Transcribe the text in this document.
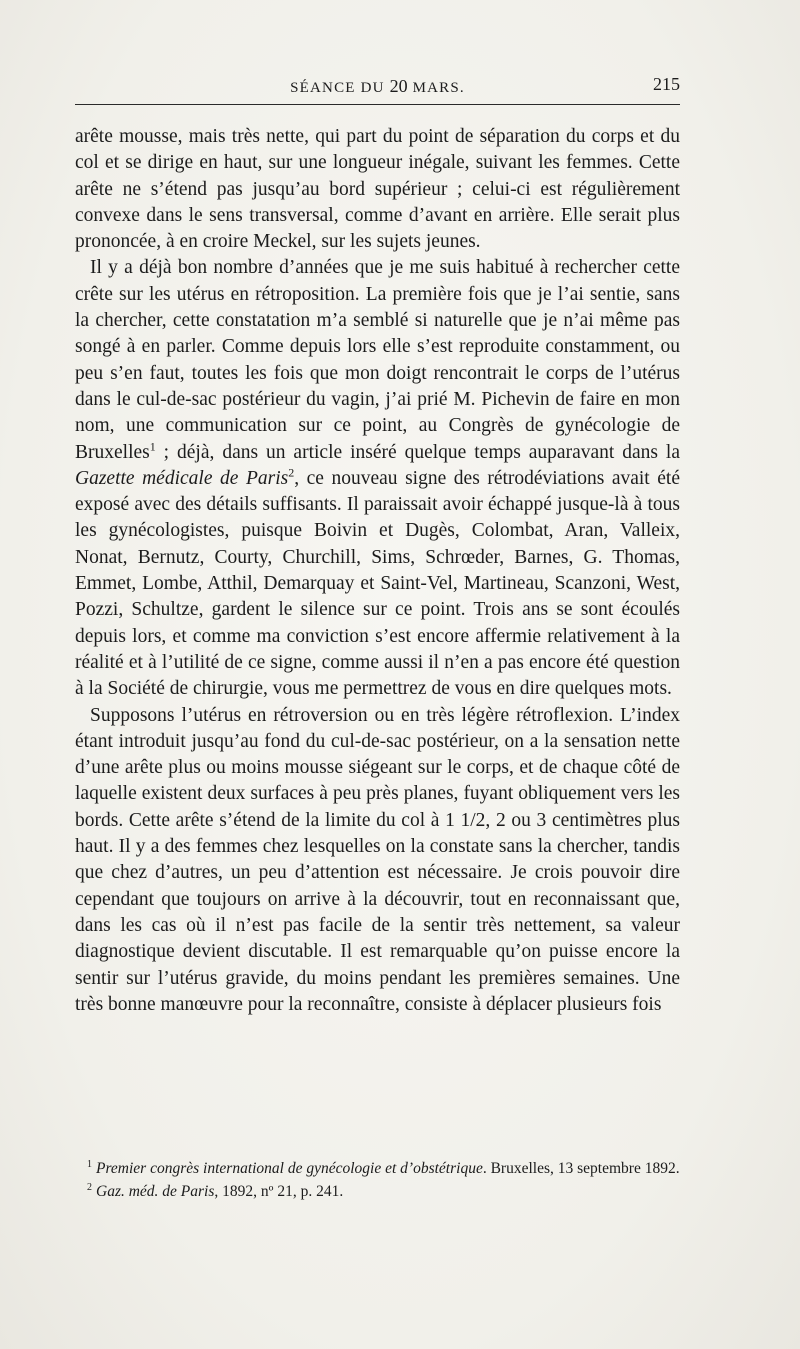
SÉANCE DU 20 MARS.	215

arête mousse, mais très nette, qui part du point de séparation du corps et du col et se dirige en haut, sur une longueur inégale, suivant les femmes. Cette arête ne s’étend pas jusqu’au bord supérieur ; celui-ci est régulièrement convexe dans le sens transversal, comme d’avant en arrière. Elle serait plus prononcée, à en croire Meckel, sur les sujets jeunes.

Il y a déjà bon nombre d’années que je me suis habitué à rechercher cette crête sur les utérus en rétroposition. La première fois que je l’ai sentie, sans la chercher, cette constatation m’a semblé si naturelle que je n’ai même pas songé à en parler. Comme depuis lors elle s’est reproduite constamment, ou peu s’en faut, toutes les fois que mon doigt rencontrait le corps de l’utérus dans le cul-de-sac postérieur du vagin, j’ai prié M. Pichevin de faire en mon nom, une communication sur ce point, au Congrès de gynécologie de Bruxelles$^1$ ; déjà, dans un article inséré quelque temps auparavant dans la Gazette médicale de Paris$^2$, ce nouveau signe des rétrodéviations avait été exposé avec des détails suffisants. Il paraissait avoir échappé jusque-là à tous les gynécologistes, puisque Boivin et Dugès, Colombat, Aran, Valleix, Nonat, Bernutz, Courty, Churchill, Sims, Schrœder, Barnes, G. Thomas, Emmet, Lombe, Atthil, Demarquay et Saint-Vel, Martineau, Scanzoni, West, Pozzi, Schultze, gardent le silence sur ce point. Trois ans se sont écoulés depuis lors, et comme ma conviction s’est encore affermie relativement à la réalité et à l’utilité de ce signe, comme aussi il n’en a pas encore été question à la Société de chirurgie, vous me permettrez de vous en dire quelques mots.

Supposons l’utérus en rétroversion ou en très légère rétroflexion. L’index étant introduit jusqu’au fond du cul-de-sac postérieur, on a la sensation nette d’une arête plus ou moins mousse siégeant sur le corps, et de chaque côté de laquelle existent deux surfaces à peu près planes, fuyant obliquement vers les bords. Cette arête s’étend de la limite du col à 1 1/2, 2 ou 3 centimètres plus haut. Il y a des femmes chez lesquelles on la constate sans la chercher, tandis que chez d’autres, un peu d’attention est nécessaire. Je crois pouvoir dire cependant que toujours on arrive à la découvrir, tout en reconnaissant que, dans les cas où il n’est pas facile de la sentir très nettement, sa valeur diagnostique devient discutable. Il est remarquable qu’on puisse encore la sentir sur l’utérus gravide, du moins pendant les premières semaines. Une très bonne manœuvre pour la reconnaître, consiste à déplacer plusieurs fois

$^1$ Premier congrès international de gynécologie et d’obstétrique. Bruxelles, 13 septembre 1892.

$^2$ Gaz. méd. de Paris, 1892, nº 21, p. 241.
